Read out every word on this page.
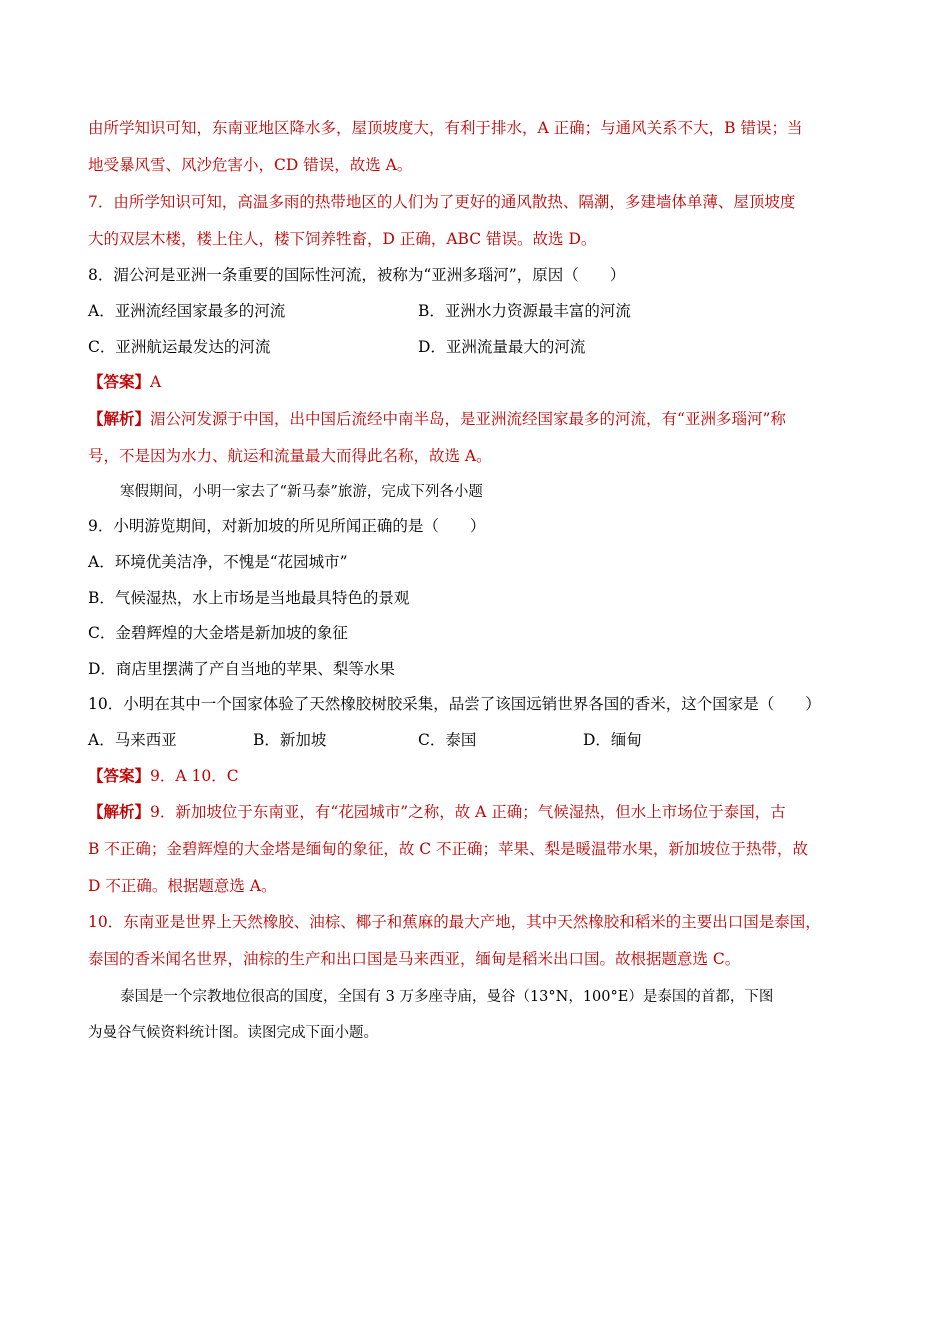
由所学知识可知，东南亚地区降水多，屋顶坡度大，有利于排水，A 正确；与通风关系不大，B 错误；当
地受暴风雪、风沙危害小，CD 错误，故选 A。
7．由所学知识可知，高温多雨的热带地区的人们为了更好的通风散热、隔潮，多建墙体单薄、屋顶坡度
大的双层木楼，楼上住人，楼下饲养牲畜，D 正确，ABC 错误。故选 D。
8．湄公河是亚洲一条重要的国际性河流，被称为“亚洲多瑙河”，原因（　　）
A．亚洲流经国家最多的河流	B．亚洲水力资源最丰富的河流
C．亚洲航运最发达的河流	D．亚洲流量最大的河流
【答案】A
【解析】湄公河发源于中国，出中国后流经中南半岛，是亚洲流经国家最多的河流，有“亚洲多瑙河”称
号，不是因为水力、航运和流量最大而得此名称，故选 A。
寒假期间，小明一家去了“新马泰”旅游，完成下列各小题
9．小明游览期间，对新加坡的所见所闻正确的是（　　）
A．环境优美洁净，不愧是“花园城市”
B．气候湿热，水上市场是当地最具特色的景观
C．金碧辉煌的大金塔是新加坡的象征
D．商店里摆满了产自当地的苹果、梨等水果
10．小明在其中一个国家体验了天然橡胶树胶采集，品尝了该国远销世界各国的香米，这个国家是（　　）
A．马来西亚	B．新加坡	C．泰国	D．缅甸
【答案】9．A 10．C
【解析】9．新加坡位于东南亚，有“花园城市”之称，故 A 正确；气候湿热，但水上市场位于泰国，古
B 不正确；金碧辉煌的大金塔是缅甸的象征，故 C 不正确；苹果、梨是暖温带水果，新加坡位于热带，故
D 不正确。根据题意选 A。
10．东南亚是世界上天然橡胶、油棕、椰子和蕉麻的最大产地，其中天然橡胶和稻米的主要出口国是泰国，
泰国的香米闻名世界，油棕的生产和出口国是马来西亚，缅甸是稻米出口国。故根据题意选 C。
泰国是一个宗教地位很高的国度，全国有 3 万多座寺庙，曼谷（13°N，100°E）是泰国的首都，下图
为曼谷气候资料统计图。读图完成下面小题。
